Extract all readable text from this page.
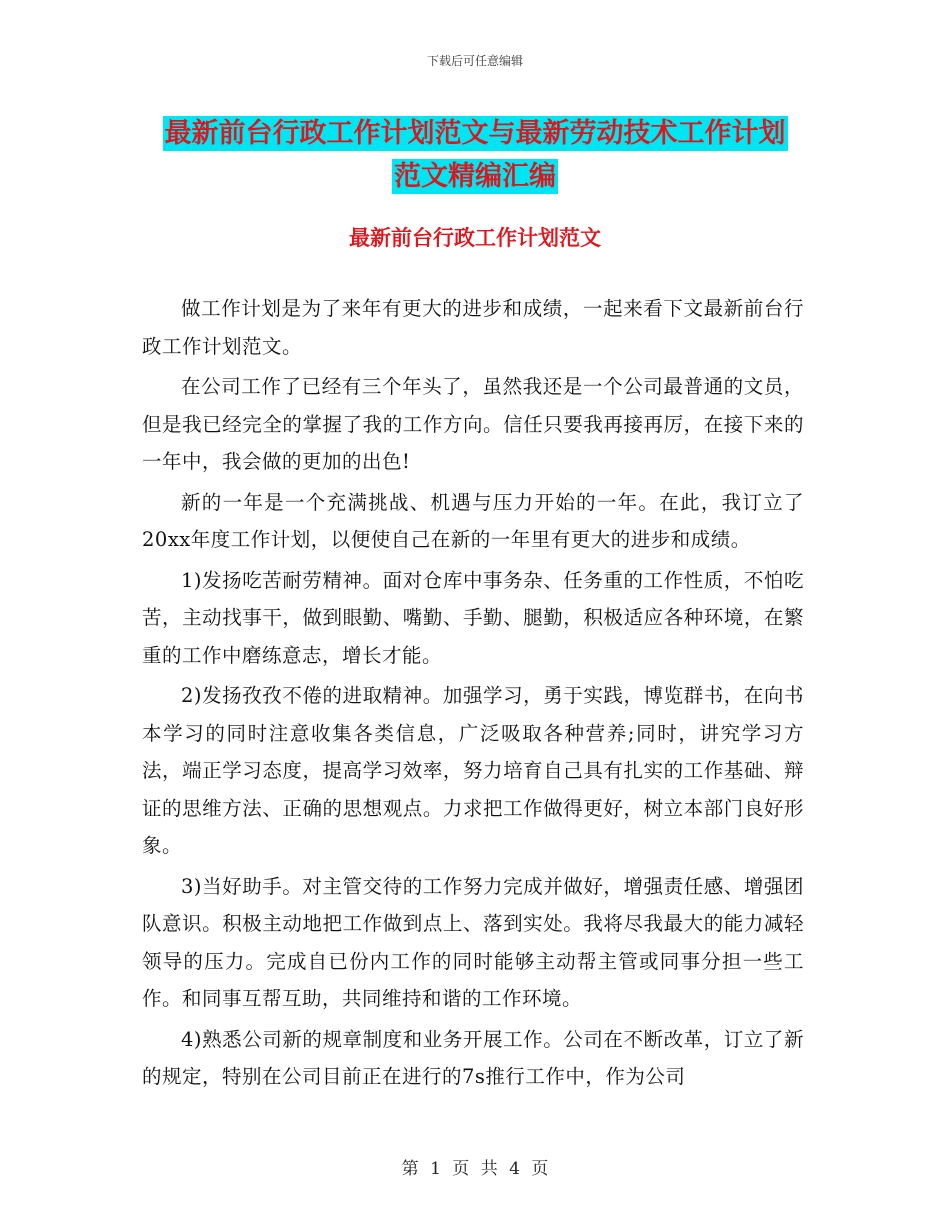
下载后可任意编辑
最新前台行政工作计划范文与最新劳动技术工作计划
范文精编汇编
最新前台行政工作计划范文

做工作计划是为了来年有更大的进步和成绩，一起来看下文最新前台行政工作计划范文。

在公司工作了已经有三个年头了，虽然我还是一个公司最普通的文员，但是我已经完全的掌握了我的工作方向。信任只要我再接再厉，在接下来的一年中，我会做的更加的出色!

新的一年是一个充满挑战、机遇与压力开始的一年。在此，我订立了20xx年度工作计划，以便使自己在新的一年里有更大的进步和成绩。

1)发扬吃苦耐劳精神。面对仓库中事务杂、任务重的工作性质，不怕吃苦，主动找事干，做到眼勤、嘴勤、手勤、腿勤，积极适应各种环境，在繁重的工作中磨练意志，增长才能。

2)发扬孜孜不倦的进取精神。加强学习，勇于实践，博览群书，在向书本学习的同时注意收集各类信息，广泛吸取各种营养;同时，讲究学习方法，端正学习态度，提高学习效率，努力培育自己具有扎实的工作基础、辩证的思维方法、正确的思想观点。力求把工作做得更好，树立本部门良好形象。

3)当好助手。对主管交待的工作努力完成并做好，增强责任感、增强团队意识。积极主动地把工作做到点上、落到实处。我将尽我最大的能力减轻领导的压力。完成自已份内工作的同时能够主动帮主管或同事分担一些工作。和同事互帮互助，共同维持和谐的工作环境。

4)熟悉公司新的规章制度和业务开展工作。公司在不断改革，订立了新的规定，特别在公司目前正在进行的7s推行工作中，作为公司

第 1 页 共 4 页
